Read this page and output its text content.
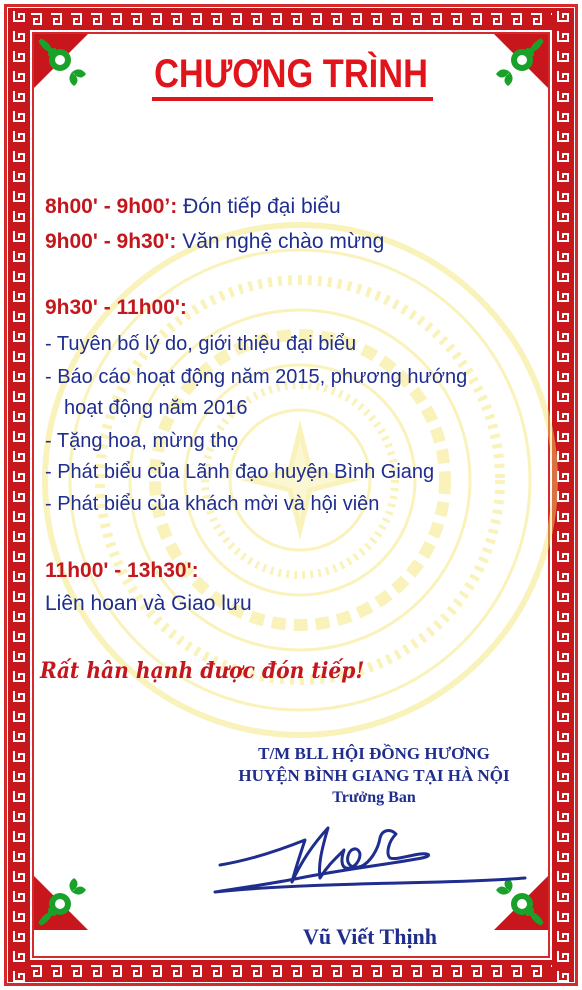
CHƯƠNG TRÌNH
8h00' - 9h00’: Đón tiếp đại biểu
9h00' - 9h30': Văn nghệ chào mừng
9h30' - 11h00':
- Tuyên bố lý do, giới thiệu đại biểu
- Báo cáo hoạt động năm 2015, phương hướng
hoạt động năm 2016
- Tặng hoa, mừng thọ
- Phát biểu của Lãnh đạo huyện Bình Giang
- Phát biểu của khách mời và hội viên
11h00' - 13h30':
Liên hoan và Giao lưu
Rất hân hạnh được đón tiếp!
T/M BLL HỘI ĐỒNG HƯƠNG
HUYỆN BÌNH GIANG TẠI HÀ NỘI
Trưởng Ban
Vũ Viết Thịnh
